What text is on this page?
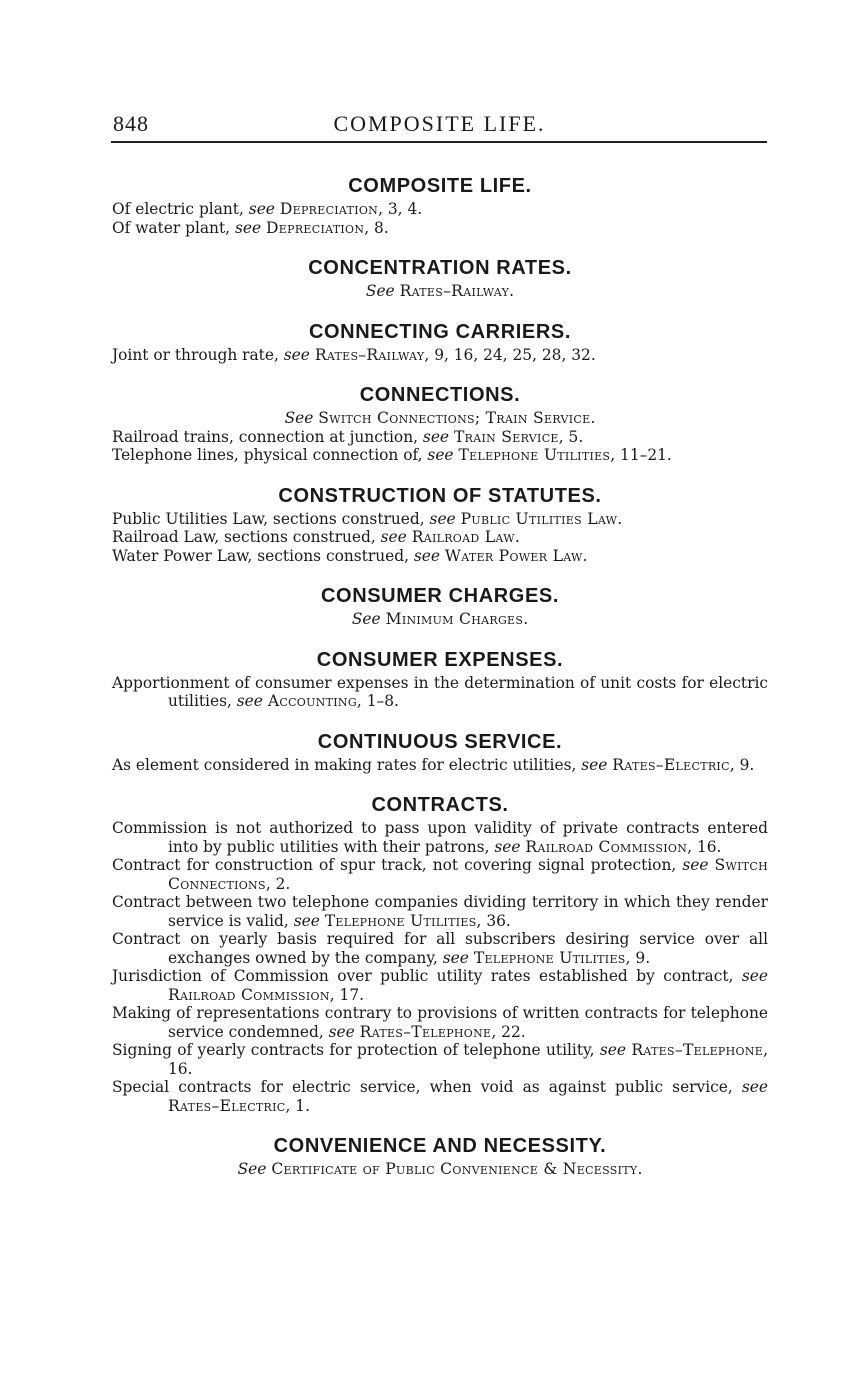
848	COMPOSITE LIFE.
COMPOSITE LIFE.

Of electric plant, see Depreciation, 3, 4.

Of water plant, see Depreciation, 8.

CONCENTRATION RATES.

See Rates–Railway.

CONNECTING CARRIERS.

Joint or through rate, see Rates–Railway, 9, 16, 24, 25, 28, 32.

CONNECTIONS.

See Switch Connections; Train Service.

Railroad trains, connection at junction, see Train Service, 5.

Telephone lines, physical connection of, see Telephone Utilities, 11–21.

CONSTRUCTION OF STATUTES.

Public Utilities Law, sections construed, see Public Utilities Law.

Railroad Law, sections construed, see Railroad Law.

Water Power Law, sections construed, see Water Power Law.

CONSUMER CHARGES.

See Minimum Charges.

CONSUMER EXPENSES.

Apportionment of consumer expenses in the determination of unit costs for electric utilities, see Accounting, 1–8.

CONTINUOUS SERVICE.

As element considered in making rates for electric utilities, see Rates–Electric, 9.

CONTRACTS.

Commission is not authorized to pass upon validity of private contracts entered into by public utilities with their patrons, see Railroad Commission, 16.

Contract for construction of spur track, not covering signal protection, see Switch Connections, 2.

Contract between two telephone companies dividing territory in which they render service is valid, see Telephone Utilities, 36.

Contract on yearly basis required for all subscribers desiring service over all exchanges owned by the company, see Telephone Utilities, 9.

Jurisdiction of Commission over public utility rates established by contract, see Railroad Commission, 17.

Making of representations contrary to provisions of written contracts for telephone service condemned, see Rates–Telephone, 22.

Signing of yearly contracts for protection of telephone utility, see Rates–Telephone, 16.

Special contracts for electric service, when void as against public service, see Rates–Electric, 1.

CONVENIENCE AND NECESSITY.

See Certificate of Public Convenience & Necessity.
